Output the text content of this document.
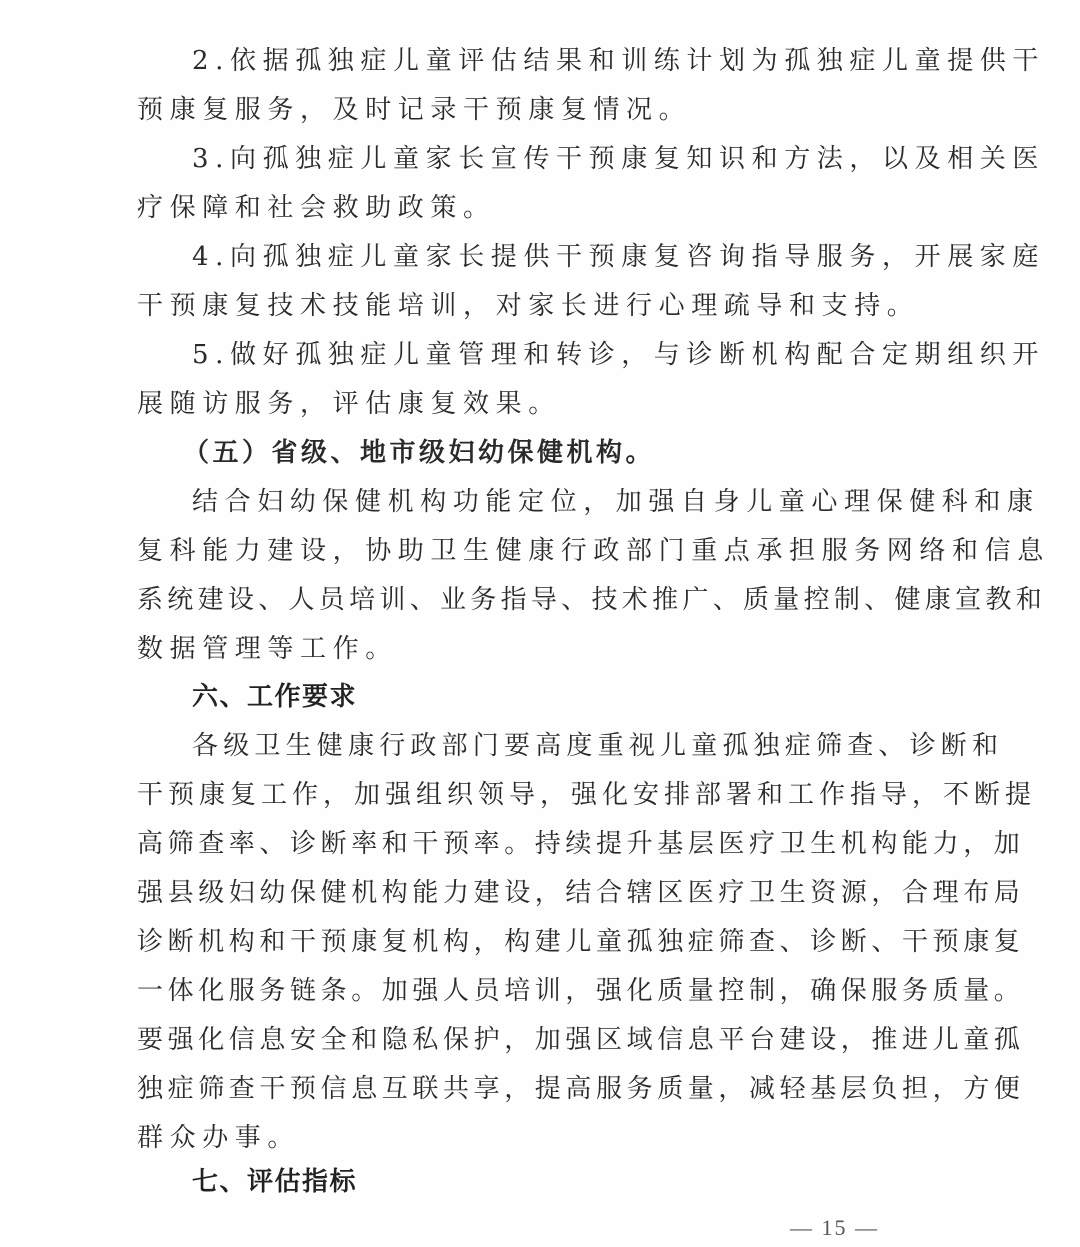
2.依据孤独症儿童评估结果和训练计划为孤独症儿童提供干
预康复服务，及时记录干预康复情况。
3.向孤独症儿童家长宣传干预康复知识和方法，以及相关医
疗保障和社会救助政策。
4.向孤独症儿童家长提供干预康复咨询指导服务，开展家庭
干预康复技术技能培训，对家长进行心理疏导和支持。
5.做好孤独症儿童管理和转诊，与诊断机构配合定期组织开
展随访服务，评估康复效果。
（五）省级、地市级妇幼保健机构。
结合妇幼保健机构功能定位，加强自身儿童心理保健科和康
复科能力建设，协助卫生健康行政部门重点承担服务网络和信息
系统建设、人员培训、业务指导、技术推广、质量控制、健康宣教和
数据管理等工作。
六、工作要求
各级卫生健康行政部门要高度重视儿童孤独症筛查、诊断和
干预康复工作，加强组织领导，强化安排部署和工作指导，不断提
高筛查率、诊断率和干预率。持续提升基层医疗卫生机构能力，加
强县级妇幼保健机构能力建设，结合辖区医疗卫生资源，合理布局
诊断机构和干预康复机构，构建儿童孤独症筛查、诊断、干预康复
一体化服务链条。加强人员培训，强化质量控制，确保服务质量。
要强化信息安全和隐私保护，加强区域信息平台建设，推进儿童孤
独症筛查干预信息互联共享，提高服务质量，减轻基层负担，方便
群众办事。
七、评估指标
— 15 —
